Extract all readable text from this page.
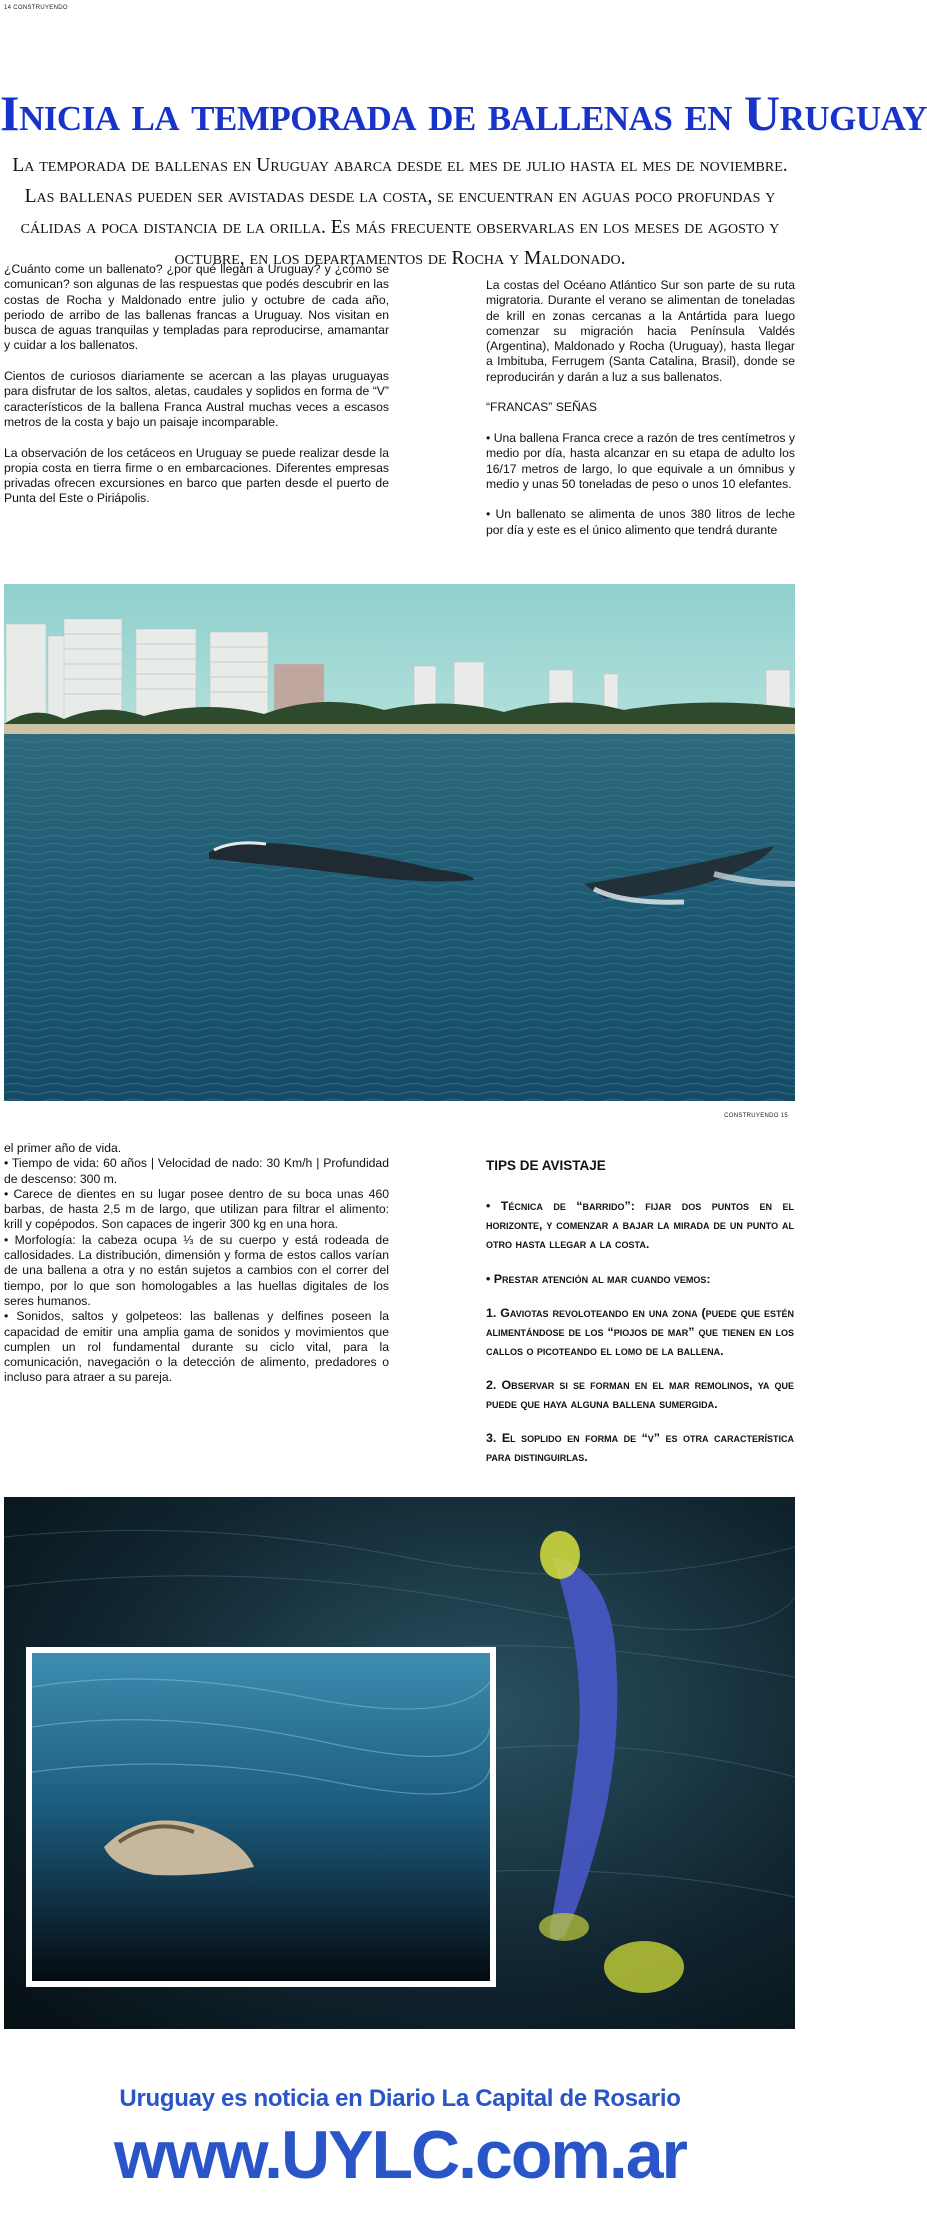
14 CONSTRUYENDO
Inicia la temporada de ballenas en Uruguay

La temporada de ballenas en Uruguay abarca desde el mes de julio hasta el mes de noviembre. Las ballenas pueden ser avistadas desde la costa, se encuentran en aguas poco profundas y cálidas a poca distancia de la orilla. Es más frecuente observarlas en los meses de agosto y octubre, en los departamentos de Rocha y Maldonado.

¿Cuánto come un ballenato? ¿por qué llegan a Uruguay? y ¿cómo se comunican? son algunas de las respuestas que podés descubrir en las costas de Rocha y Maldonado entre julio y octubre de cada año, periodo de arribo de las ballenas francas a Uruguay. Nos visitan en busca de aguas tranquilas y templadas para reproducirse, amamantar y cuidar a los ballenatos.

Cientos de curiosos diariamente se acercan a las playas uruguayas para disfrutar de los saltos, aletas, caudales y soplidos en forma de “V” característicos de la ballena Franca Austral muchas veces a escasos metros de la costa y bajo un paisaje incomparable.

La observación de los cetáceos en Uruguay se puede realizar desde la propia costa en tierra firme o en embarcaciones. Diferentes empresas privadas ofrecen excursiones en barco que parten desde el puerto de Punta del Este o Piriápolis.

La costas del Océano Atlántico Sur son parte de su ruta migratoria. Durante el verano se alimentan de toneladas de krill en zonas cercanas a la Antártida para luego comenzar su migración hacia Península Valdés (Argentina), Maldonado y Rocha (Uruguay), hasta llegar a Imbituba, Ferrugem (Santa Catalina, Brasil), donde se reproducirán y darán a luz a sus ballenatos.

“FRANCAS” SEÑAS

• Una ballena Franca crece a razón de tres centímetros y medio por día, hasta alcanzar en su etapa de adulto los 16/17 metros de largo, lo que equivale a un ómnibus y medio y unas 50 toneladas de peso o unos 10 elefantes.

• Un ballenato se alimenta de unos 380 litros de leche por día y este es el único alimento que tendrá durante

CONSTRUYENDO 15

el primer año de vida.

• Tiempo de vida: 60 años | Velocidad de nado: 30 Km/h | Profundidad de descenso: 300 m.

• Carece de dientes en su lugar posee dentro de su boca unas 460 barbas, de hasta 2,5 m de largo, que utilizan para filtrar el alimento: krill y copépodos. Son capaces de ingerir 300 kg en una hora.

• Morfología: la cabeza ocupa ⅓ de su cuerpo y está rodeada de callosidades. La distribución, dimensión y forma de estos callos varían de una ballena a otra y no están sujetos a cambios con el correr del tiempo, por lo que son homologables a las huellas digitales de los seres humanos.

• Sonidos, saltos y golpeteos: las ballenas y delfines poseen la capacidad de emitir una amplia gama de sonidos y movimientos que cumplen un rol fundamental durante su ciclo vital, para la comunicación, navegación o la detección de alimento, predadores o incluso para atraer a su pareja.

TIPS DE AVISTAJE

• Técnica de “barrido”: fijar dos puntos en el horizonte, y comenzar a bajar la mirada de un punto al otro hasta llegar a la costa.

• Prestar atención al mar cuando vemos:

1. Gaviotas revoloteando en una zona (puede que estén alimentándose de los “piojos de mar” que tienen en los callos o picoteando el lomo de la ballena.

2. Observar si se forman en el mar remolinos, ya que puede que haya alguna ballena sumergida.

3. El soplido en forma de “v” es otra característica para distinguirlas.

Uruguay es noticia en Diario La Capital de Rosario
www.UYLC.com.ar
